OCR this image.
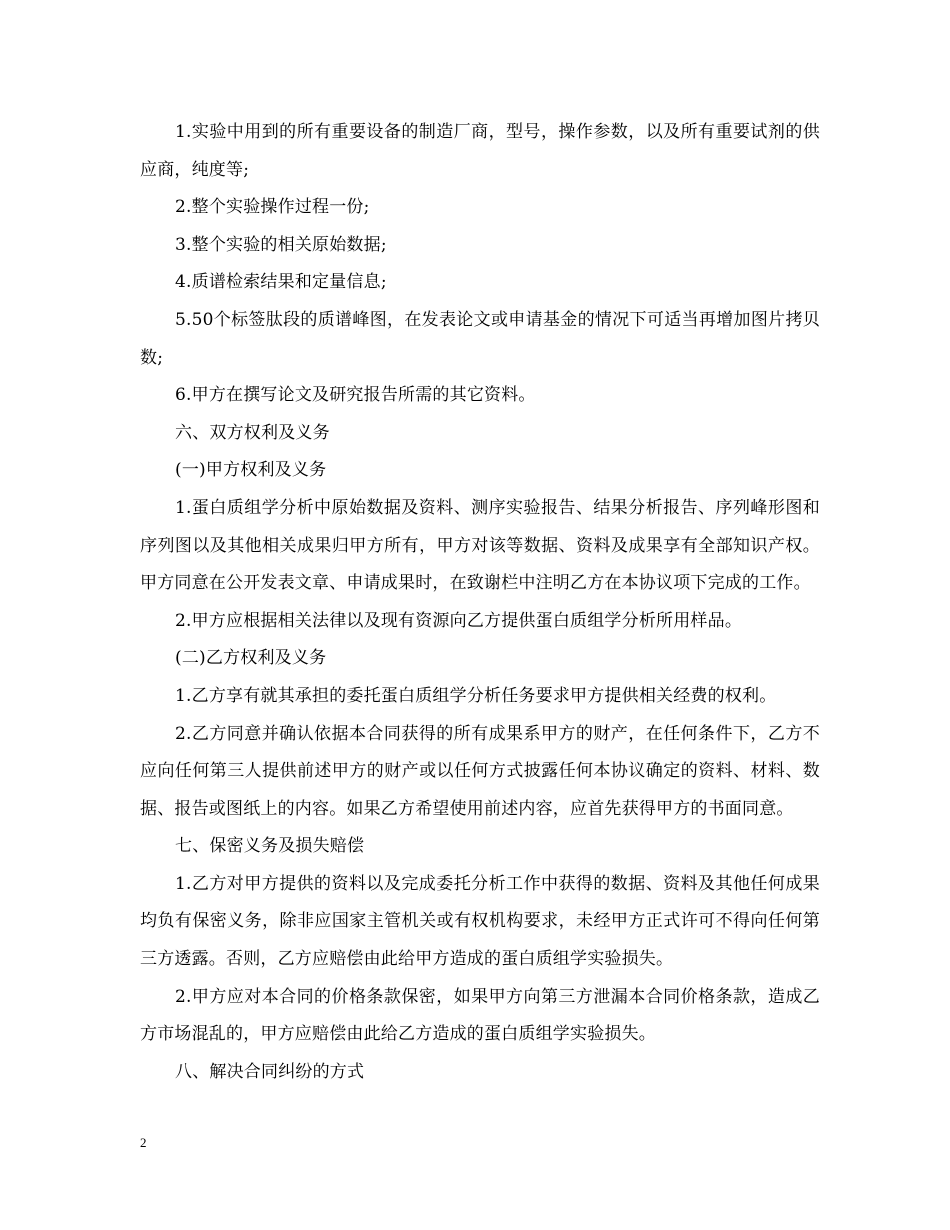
1.实验中用到的所有重要设备的制造厂商，型号，操作参数，以及所有重要试剂的供应商，纯度等;

2.整个实验操作过程一份;

3.整个实验的相关原始数据;

4.质谱检索结果和定量信息;

5.50个标签肽段的质谱峰图，在发表论文或申请基金的情况下可适当再增加图片拷贝数;

6.甲方在撰写论文及研究报告所需的其它资料。

六、双方权利及义务

(一)甲方权利及义务

1.蛋白质组学分析中原始数据及资料、测序实验报告、结果分析报告、序列峰形图和序列图以及其他相关成果归甲方所有，甲方对该等数据、资料及成果享有全部知识产权。甲方同意在公开发表文章、申请成果时，在致谢栏中注明乙方在本协议项下完成的工作。

2.甲方应根据相关法律以及现有资源向乙方提供蛋白质组学分析所用样品。

(二)乙方权利及义务

1.乙方享有就其承担的委托蛋白质组学分析任务要求甲方提供相关经费的权利。

2.乙方同意并确认依据本合同获得的所有成果系甲方的财产，在任何条件下，乙方不应向任何第三人提供前述甲方的财产或以任何方式披露任何本协议确定的资料、材料、数据、报告或图纸上的内容。如果乙方希望使用前述内容，应首先获得甲方的书面同意。

七、保密义务及损失赔偿

1.乙方对甲方提供的资料以及完成委托分析工作中获得的数据、资料及其他任何成果均负有保密义务，除非应国家主管机关或有权机构要求，未经甲方正式许可不得向任何第三方透露。否则，乙方应赔偿由此给甲方造成的蛋白质组学实验损失。

2.甲方应对本合同的价格条款保密，如果甲方向第三方泄漏本合同价格条款，造成乙方市场混乱的，甲方应赔偿由此给乙方造成的蛋白质组学实验损失。

八、解决合同纠纷的方式

2
